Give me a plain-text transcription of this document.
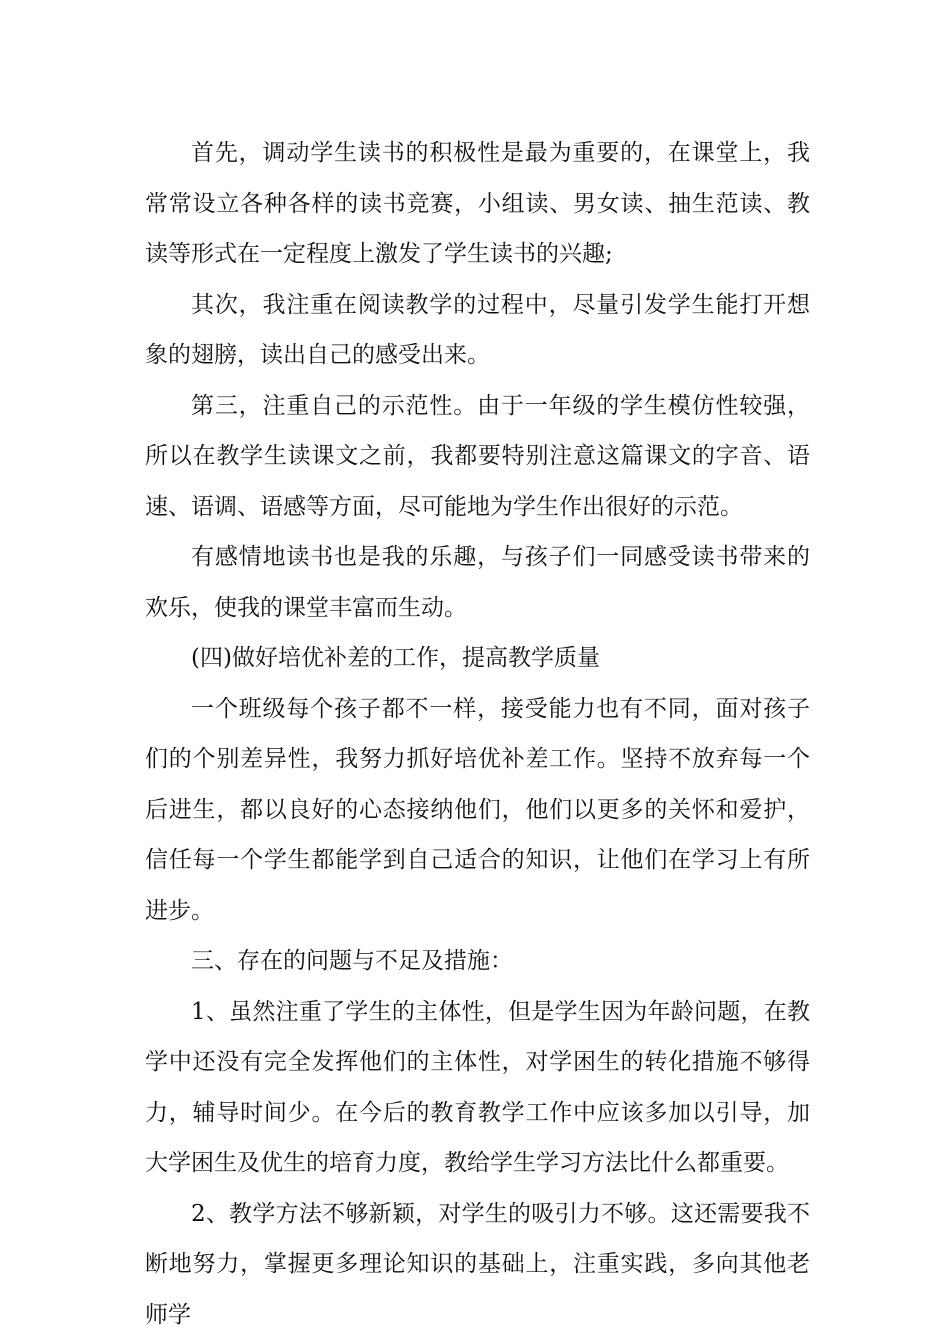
首先，调动学生读书的积极性是最为重要的，在课堂上，我常常设立各种各样的读书竞赛，小组读、男女读、抽生范读、教读等形式在一定程度上激发了学生读书的兴趣;

其次，我注重在阅读教学的过程中，尽量引发学生能打开想象的翅膀，读出自己的感受出来。

第三，注重自己的示范性。由于一年级的学生模仿性较强，所以在教学生读课文之前，我都要特别注意这篇课文的字音、语速、语调、语感等方面，尽可能地为学生作出很好的示范。

有感情地读书也是我的乐趣，与孩子们一同感受读书带来的欢乐，使我的课堂丰富而生动。

(四)做好培优补差的工作，提高教学质量

一个班级每个孩子都不一样，接受能力也有不同，面对孩子们的个别差异性，我努力抓好培优补差工作。坚持不放弃每一个后进生，都以良好的心态接纳他们，他们以更多的关怀和爱护，信任每一个学生都能学到自己适合的知识，让他们在学习上有所进步。

三、存在的问题与不足及措施：

1、虽然注重了学生的主体性，但是学生因为年龄问题，在教学中还没有完全发挥他们的主体性，对学困生的转化措施不够得力，辅导时间少。在今后的教育教学工作中应该多加以引导，加大学困生及优生的培育力度，教给学生学习方法比什么都重要。

2、教学方法不够新颖，对学生的吸引力不够。这还需要我不断地努力，掌握更多理论知识的基础上，注重实践，多向其他老师学
